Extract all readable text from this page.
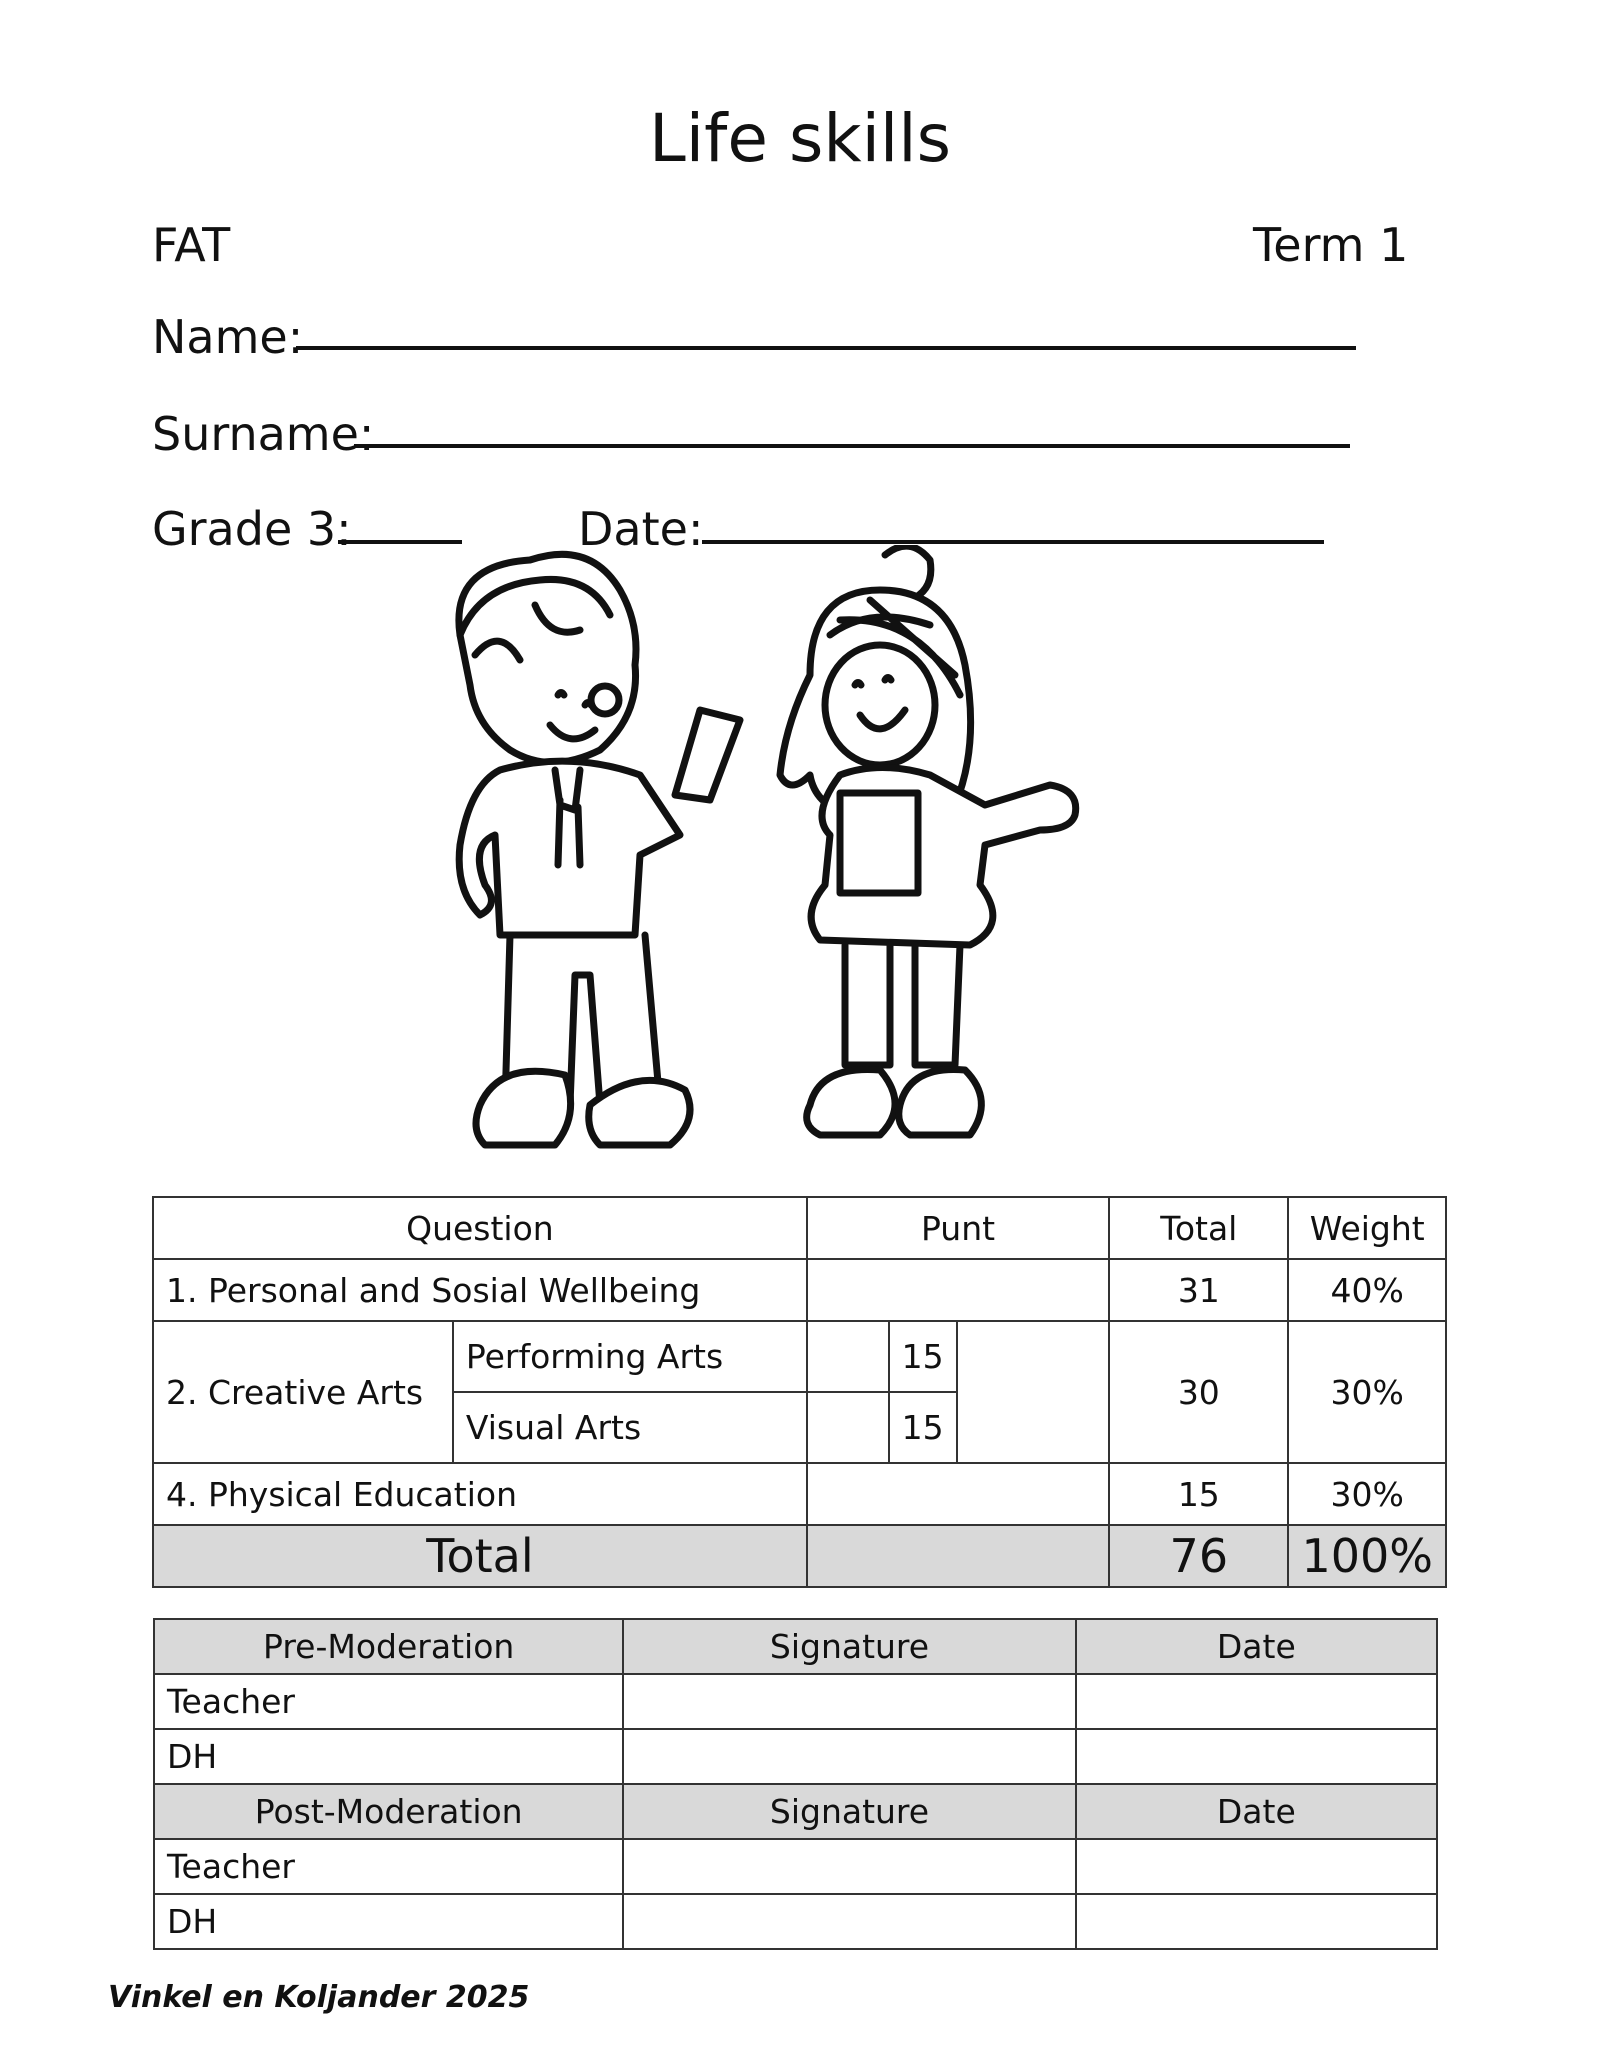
Life skills
FAT	Term 1
Name:
Surname:
Grade 3:	Date:
Question		Punt			Total	Weight
1. Personal and Sosial Wellbeing					31	40%
2. Creative Arts	Performing Arts		15		30	30%
	Visual Arts		15			
4. Physical Education					15	30%
Total					76	100%
Pre-Moderation	Signature	Date
Teacher		
DH		
Post-Moderation	Signature	Date
Teacher		
DH		
Vinkel en Koljander 2025
